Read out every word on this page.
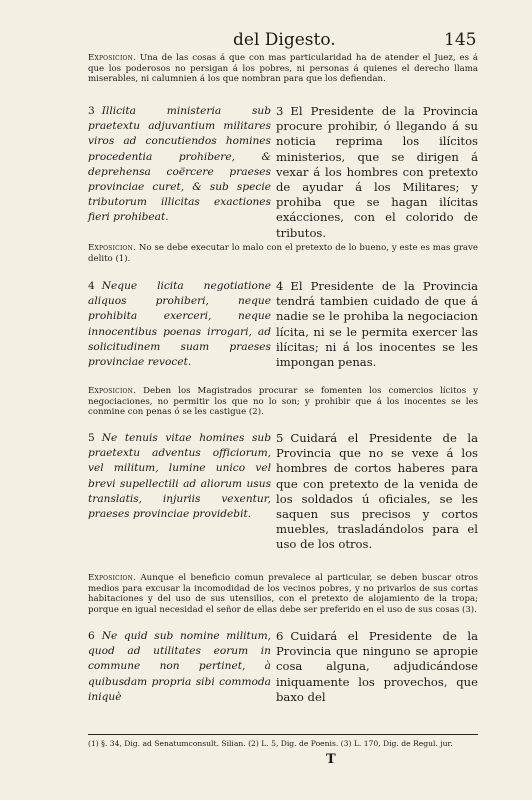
del Digesto.	145

Exposicion. Una de las cosas á que con mas particularidad ha de atender el Juez, es á que los poderosos no persigan á los pobres, ni personas á quienes el derecho llama miserables, ni calumnien á los que nombran para que los defiendan.

3 Illicita ministeria sub praetextu adjuvantium militares viros ad concutiendos homines procedentia prohibere, & deprehensa coërcere praeses provinciae curet, & sub specie tributorum illicitas exactiones fieri prohibeat.

3 El Presidente de la Provincia procure prohibir, ó llegando á su noticia reprima los ilícitos ministerios, que se dirigen á vexar á los hombres con pretexto de ayudar á los Militares; y prohiba que se hagan ilícitas exácciones, con el colorido de tributos.

Exposicion. No se debe executar lo malo con el pretexto de lo bueno, y este es mas grave delito (1).

4 Neque licita negotiatione aliquos prohiberi, neque prohibita exerceri, neque innocentibus poenas irrogari, ad solicitudinem suam praeses provinciae revocet.

4 El Presidente de la Provincia tendrá tambien cuidado de que á nadie se le prohiba la negociacion lícita, ni se le permita exercer las ilícitas; ni á los inocentes se les impongan penas.

Exposicion. Deben los Magistrados procurar se fomenten los comercios lícitos y negociaciones, no permitir los que no lo son; y prohibir que á los inocentes se les conmine con penas ó se les castigue (2).

5 Ne tenuis vitae homines sub praetextu adventus officiorum, vel militum, lumine unico vel brevi supellectili ad aliorum usus translatis, injuriis vexentur, praeses provinciae providebit.

5 Cuidará el Presidente de la Provincia que no se vexe á los hombres de cortos haberes para que con pretexto de la venida de los soldados ú oficiales, se les saquen sus precisos y cortos muebles, trasladándolos para el uso de los otros.

Exposicion. Aunque el beneficio comun prevalece al particular, se deben buscar otros medios para excusar la incomodidad de los vecinos pobres, y no privarlos de sus cortas habitaciones y del uso de sus utensilios, con el pretexto de alojamiento de la tropa; porque en igual necesidad el señor de ellas debe ser preferido en el uso de sus cosas (3).

6 Ne quid sub nomine militum, quod ad utilitates eorum in commune non pertinet, à quibusdam propria sibi commoda iniquè

6 Cuidará el Presidente de la Provincia que ninguno se apropie cosa alguna, adjudicándose iniquamente los provechos, que baxo del

(1) §. 34, Dig. ad Senatumconsult. Silian. (2) L. 5, Dig. de Poenis. (3) L. 170, Dig. de Regul. jur.
T
